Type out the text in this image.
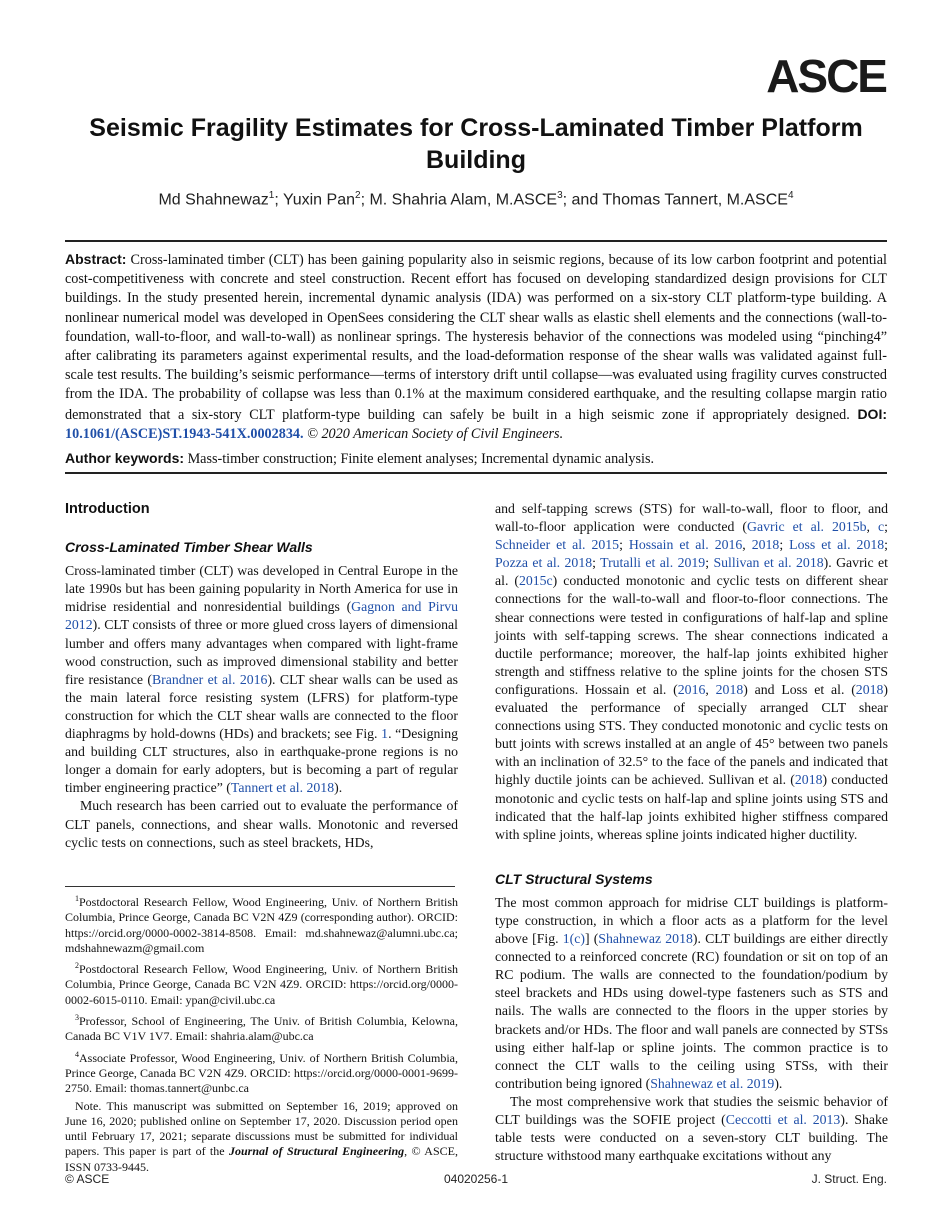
ASCE
Seismic Fragility Estimates for Cross-Laminated Timber Platform Building
Md Shahnewaz$^1$; Yuxin Pan$^2$; M. Shahria Alam, M.ASCE$^3$; and Thomas Tannert, M.ASCE$^4$
Abstract: Cross-laminated timber (CLT) has been gaining popularity also in seismic regions, because of its low carbon footprint and potential cost-competitiveness with concrete and steel construction. Recent effort has focused on developing standardized design provisions for CLT buildings. In the study presented herein, incremental dynamic analysis (IDA) was performed on a six-story CLT platform-type building. A nonlinear numerical model was developed in OpenSees considering the CLT shear walls as elastic shell elements and the connections (wall-to-foundation, wall-to-floor, and wall-to-wall) as nonlinear springs. The hysteresis behavior of the connections was modeled using “pinching4” after calibrating its parameters against experimental results, and the load-deformation response of the shear walls was validated against full-scale test results. The building’s seismic performance—terms of interstory drift until collapse—was evaluated using fragility curves constructed from the IDA. The probability of collapse was less than 0.1% at the maximum considered earthquake, and the resulting collapse margin ratio demonstrated that a six-story CLT platform-type building can safely be built in a high seismic zone if appropriately designed. DOI: 10.1061/(ASCE)ST.1943-541X.0002834. © 2020 American Society of Civil Engineers.
Author keywords: Mass-timber construction; Finite element analyses; Incremental dynamic analysis.
Introduction
Cross-Laminated Timber Shear Walls

Cross-laminated timber (CLT) was developed in Central Europe in the late 1990s but has been gaining popularity in North America for use in midrise residential and nonresidential buildings (Gagnon and Pirvu 2012). CLT consists of three or more glued cross layers of dimensional lumber and offers many advantages when compared with light-frame wood construction, such as improved dimensional stability and better fire resistance (Brandner et al. 2016). CLT shear walls can be used as the main lateral force resisting system (LFRS) for platform-type construction for which the CLT shear walls are connected to the floor diaphragms by hold-downs (HDs) and brackets; see Fig. 1. “Designing and building CLT structures, also in earthquake-prone regions is no longer a domain for early adopters, but is becoming a part of regular timber engineering practice” (Tannert et al. 2018).

Much research has been carried out to evaluate the performance of CLT panels, connections, and shear walls. Monotonic and reversed cyclic tests on connections, such as steel brackets, HDs,

$^1$Postdoctoral Research Fellow, Wood Engineering, Univ. of Northern British Columbia, Prince George, Canada BC V2N 4Z9 (corresponding author). ORCID: https://orcid.org/0000-0002-3814-8508. Email: md.shahnewaz@alumni.ubc.ca; mdshahnewazm@gmail.com

$^2$Postdoctoral Research Fellow, Wood Engineering, Univ. of Northern British Columbia, Prince George, Canada BC V2N 4Z9. ORCID: https://orcid.org/0000-0002-6015-0110. Email: ypan@civil.ubc.ca

$^3$Professor, School of Engineering, The Univ. of British Columbia, Kelowna, Canada BC V1V 1V7. Email: shahria.alam@ubc.ca

$^4$Associate Professor, Wood Engineering, Univ. of Northern British Columbia, Prince George, Canada BC V2N 4Z9. ORCID: https://orcid.org/0000-0001-9699-2750. Email: thomas.tannert@unbc.ca

Note. This manuscript was submitted on September 16, 2019; approved on June 16, 2020; published online on September 17, 2020. Discussion period open until February 17, 2021; separate discussions must be submitted for individual papers. This paper is part of the Journal of Structural Engineering, © ASCE, ISSN 0733-9445.

and self-tapping screws (STS) for wall-to-wall, floor to floor, and wall-to-floor application were conducted (Gavric et al. 2015b, c; Schneider et al. 2015; Hossain et al. 2016, 2018; Loss et al. 2018; Pozza et al. 2018; Trutalli et al. 2019; Sullivan et al. 2018). Gavric et al. (2015c) conducted monotonic and cyclic tests on different shear connections for the wall-to-wall and floor-to-floor connections. The shear connections were tested in configurations of half-lap and spline joints with self-tapping screws. The shear connections indicated a ductile performance; moreover, the half-lap joints exhibited higher strength and stiffness relative to the spline joints for the chosen STS configurations. Hossain et al. (2016, 2018) and Loss et al. (2018) evaluated the performance of specially arranged CLT shear connections using STS. They conducted monotonic and cyclic tests on butt joints with screws installed at an angle of 45° between two panels with an inclination of 32.5° to the face of the panels and indicated that highly ductile joints can be achieved. Sullivan et al. (2018) conducted monotonic and cyclic tests on half-lap and spline joints using STS and indicated that the half-lap joints exhibited higher stiffness compared with spline joints, whereas spline joints indicated higher ductility.

CLT Structural Systems

The most common approach for midrise CLT buildings is platform-type construction, in which a floor acts as a platform for the level above [Fig. 1(c)] (Shahnewaz 2018). CLT buildings are either directly connected to a reinforced concrete (RC) foundation or sit on top of an RC podium. The walls are connected to the foundation/podium by steel brackets and HDs using dowel-type fasteners such as STS and nails. The walls are connected to the floors in the upper stories by brackets and/or HDs. The floor and wall panels are connected by STSs using either half-lap or spline joints. The common practice is to connect the CLT walls to the ceiling using STSs, with their contribution being ignored (Shahnewaz et al. 2019).

The most comprehensive work that studies the seismic behavior of CLT buildings was the SOFIE project (Ceccotti et al. 2013). Shake table tests were conducted on a seven-story CLT building. The structure withstood many earthquake excitations without any

© ASCE	04020256-1	J. Struct. Eng.
